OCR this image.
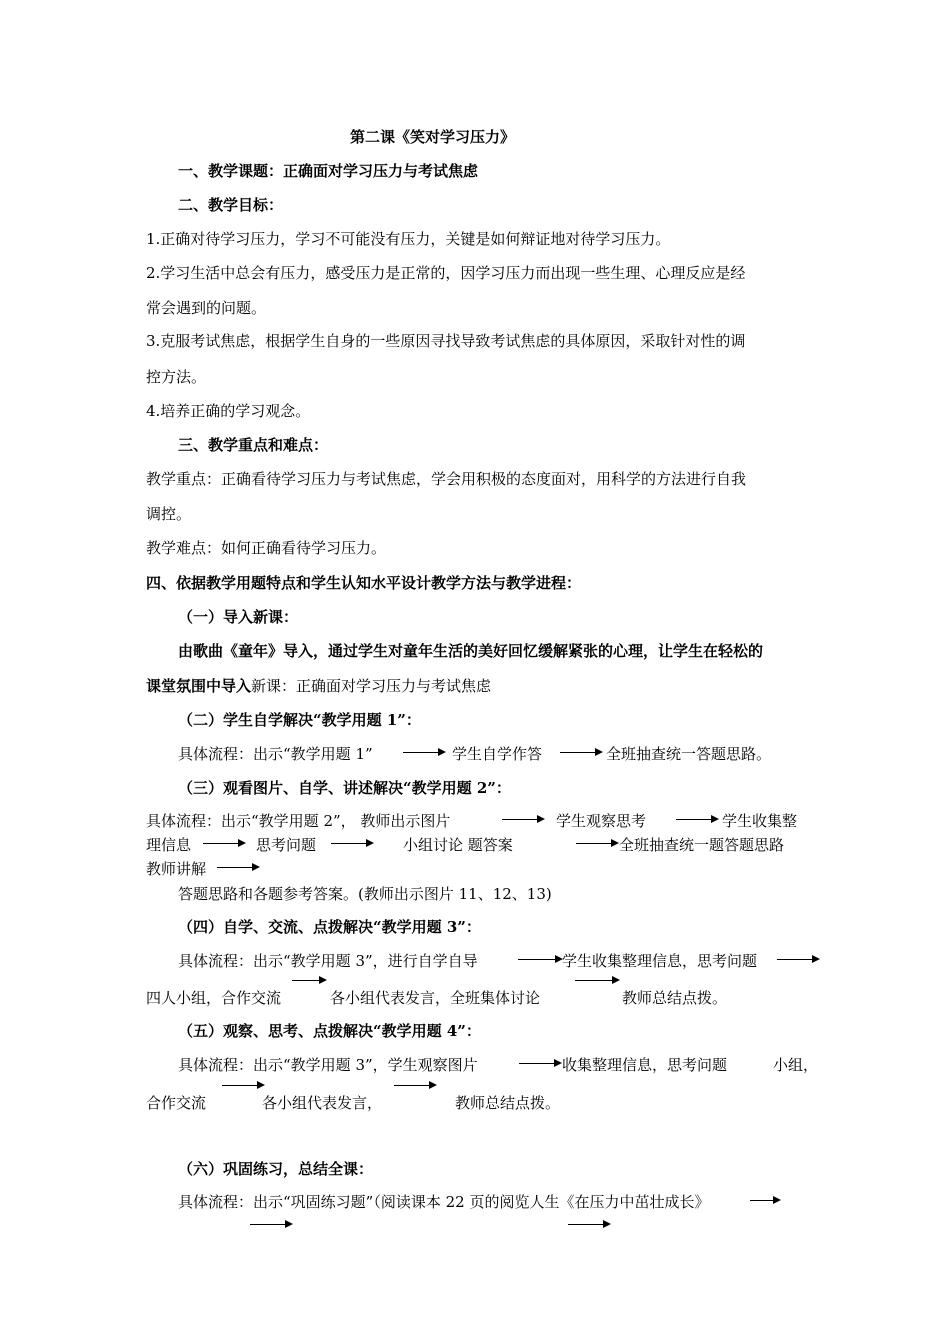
第二课《笑对学习压力》
一、教学课题：正确面对学习压力与考试焦虑
二、教学目标：
1.正确对待学习压力，学习不可能没有压力，关键是如何辩证地对待学习压力。
2.学习生活中总会有压力，感受压力是正常的，因学习压力而出现一些生理、心理反应是经
常会遇到的问题。
3.克服考试焦虑，根据学生自身的一些原因寻找导致考试焦虑的具体原因，采取针对性的调
控方法。
4.培养正确的学习观念。
三、教学重点和难点：
教学重点：正确看待学习压力与考试焦虑，学会用积极的态度面对，用科学的方法进行自我
调控。
教学难点：如何正确看待学习压力。
四、依据教学用题特点和学生认知水平设计教学方法与教学进程：
（一）导入新课：
由歌曲《童年》导入，通过学生对童年生活的美好回忆缓解紧张的心理，让学生在轻松的
课堂氛围中导入新课：正确面对学习压力与考试焦虑
（二）学生自学解决“教学用题 1”：
具体流程：出示“教学用题 1”	学生自学作答	全班抽查统一答题思路。
（三）观看图片、自学、讲述解决“教学用题 2”：
具体流程：出示“教学用题 2”， 教师出示图片	学生观察思考	学生收集整
理信息	思考问题	小组讨论 题答案	全班抽查统一题答题思路
教师讲解
答题思路和各题参考答案。(教师出示图片 11、12、13)
（四）自学、交流、点拨解决“教学用题 3”：
具体流程：出示“教学用题 3”，进行自学自导	学生收集整理信息，思考问题
四人小组，合作交流	各小组代表发言，全班集体讨论	教师总结点拨。
（五）观察、思考、点拨解决“教学用题 4”：
具体流程：出示“教学用题 3”，学生观察图片	收集整理信息，思考问题	小组，
合作交流	各小组代表发言，	教师总结点拨。
（六）巩固练习，总结全课：
具体流程：出示“巩固练习题”（阅读课本 22 页的阅览人生《在压力中茁壮成长》
